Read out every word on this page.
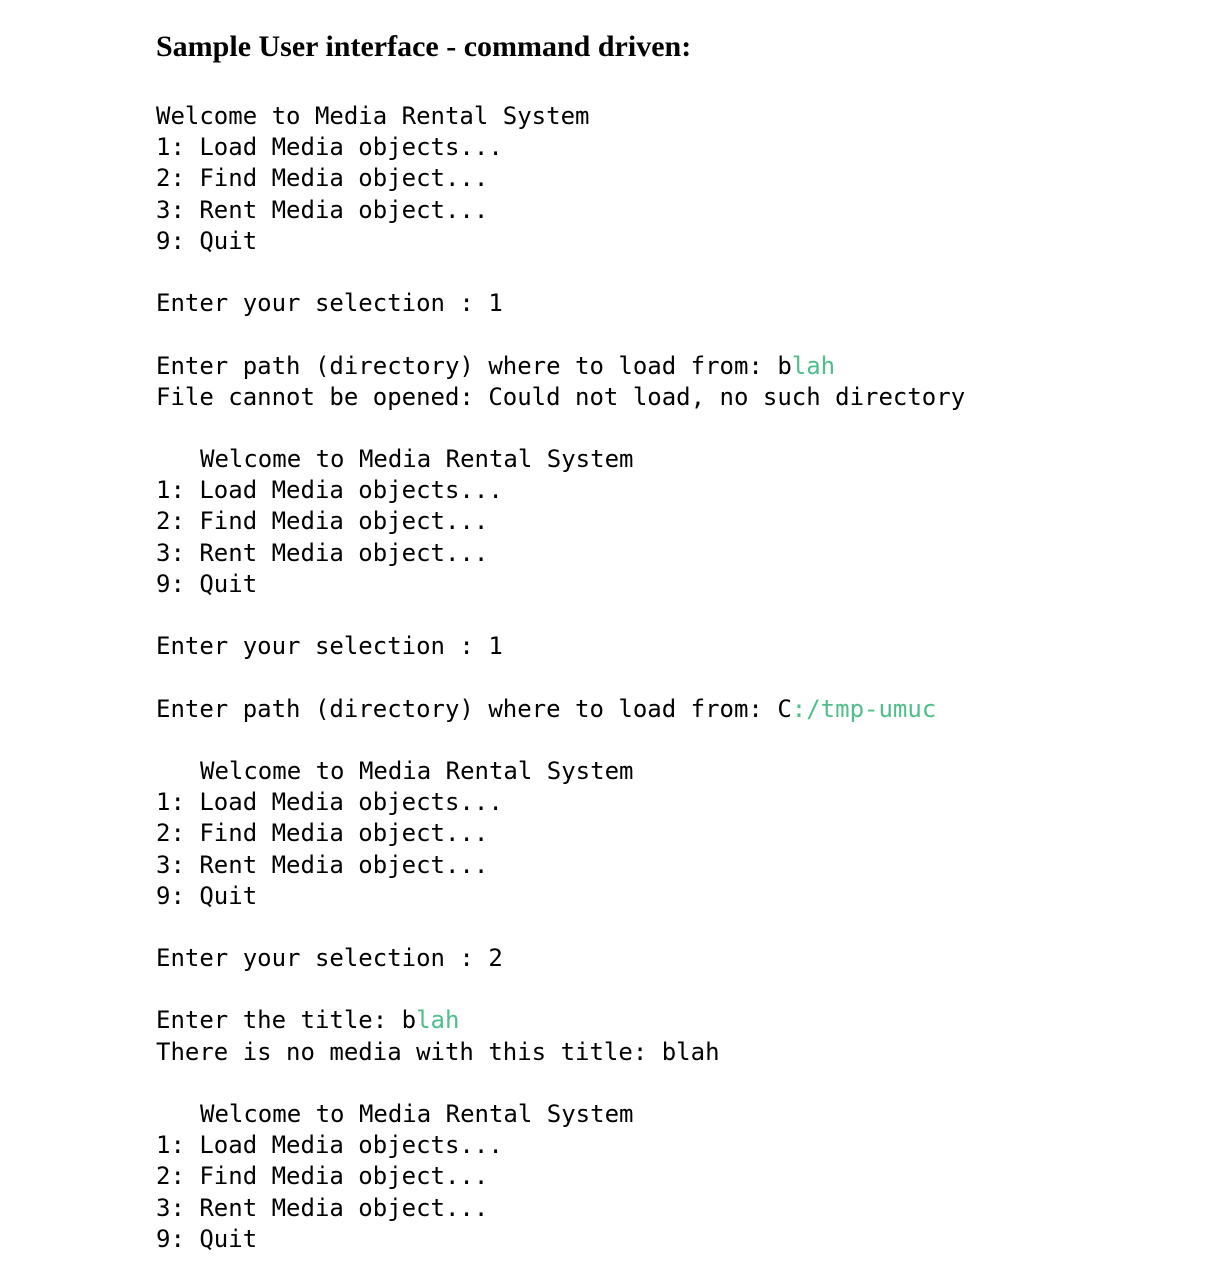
Sample User interface - command driven:
Welcome to Media Rental System
1: Load Media objects...
2: Find Media object...
3: Rent Media object...
9: Quit
Enter your selection : 1
Enter path (directory) where to load from: blah
File cannot be opened: Could not load, no such directory
Welcome to Media Rental System
1: Load Media objects...
2: Find Media object...
3: Rent Media object...
9: Quit
Enter your selection : 1
Enter path (directory) where to load from: C:/tmp-umuc
Welcome to Media Rental System
1: Load Media objects...
2: Find Media object...
3: Rent Media object...
9: Quit
Enter your selection : 2
Enter the title: blah
There is no media with this title: blah
Welcome to Media Rental System
1: Load Media objects...
2: Find Media object...
3: Rent Media object...
9: Quit
